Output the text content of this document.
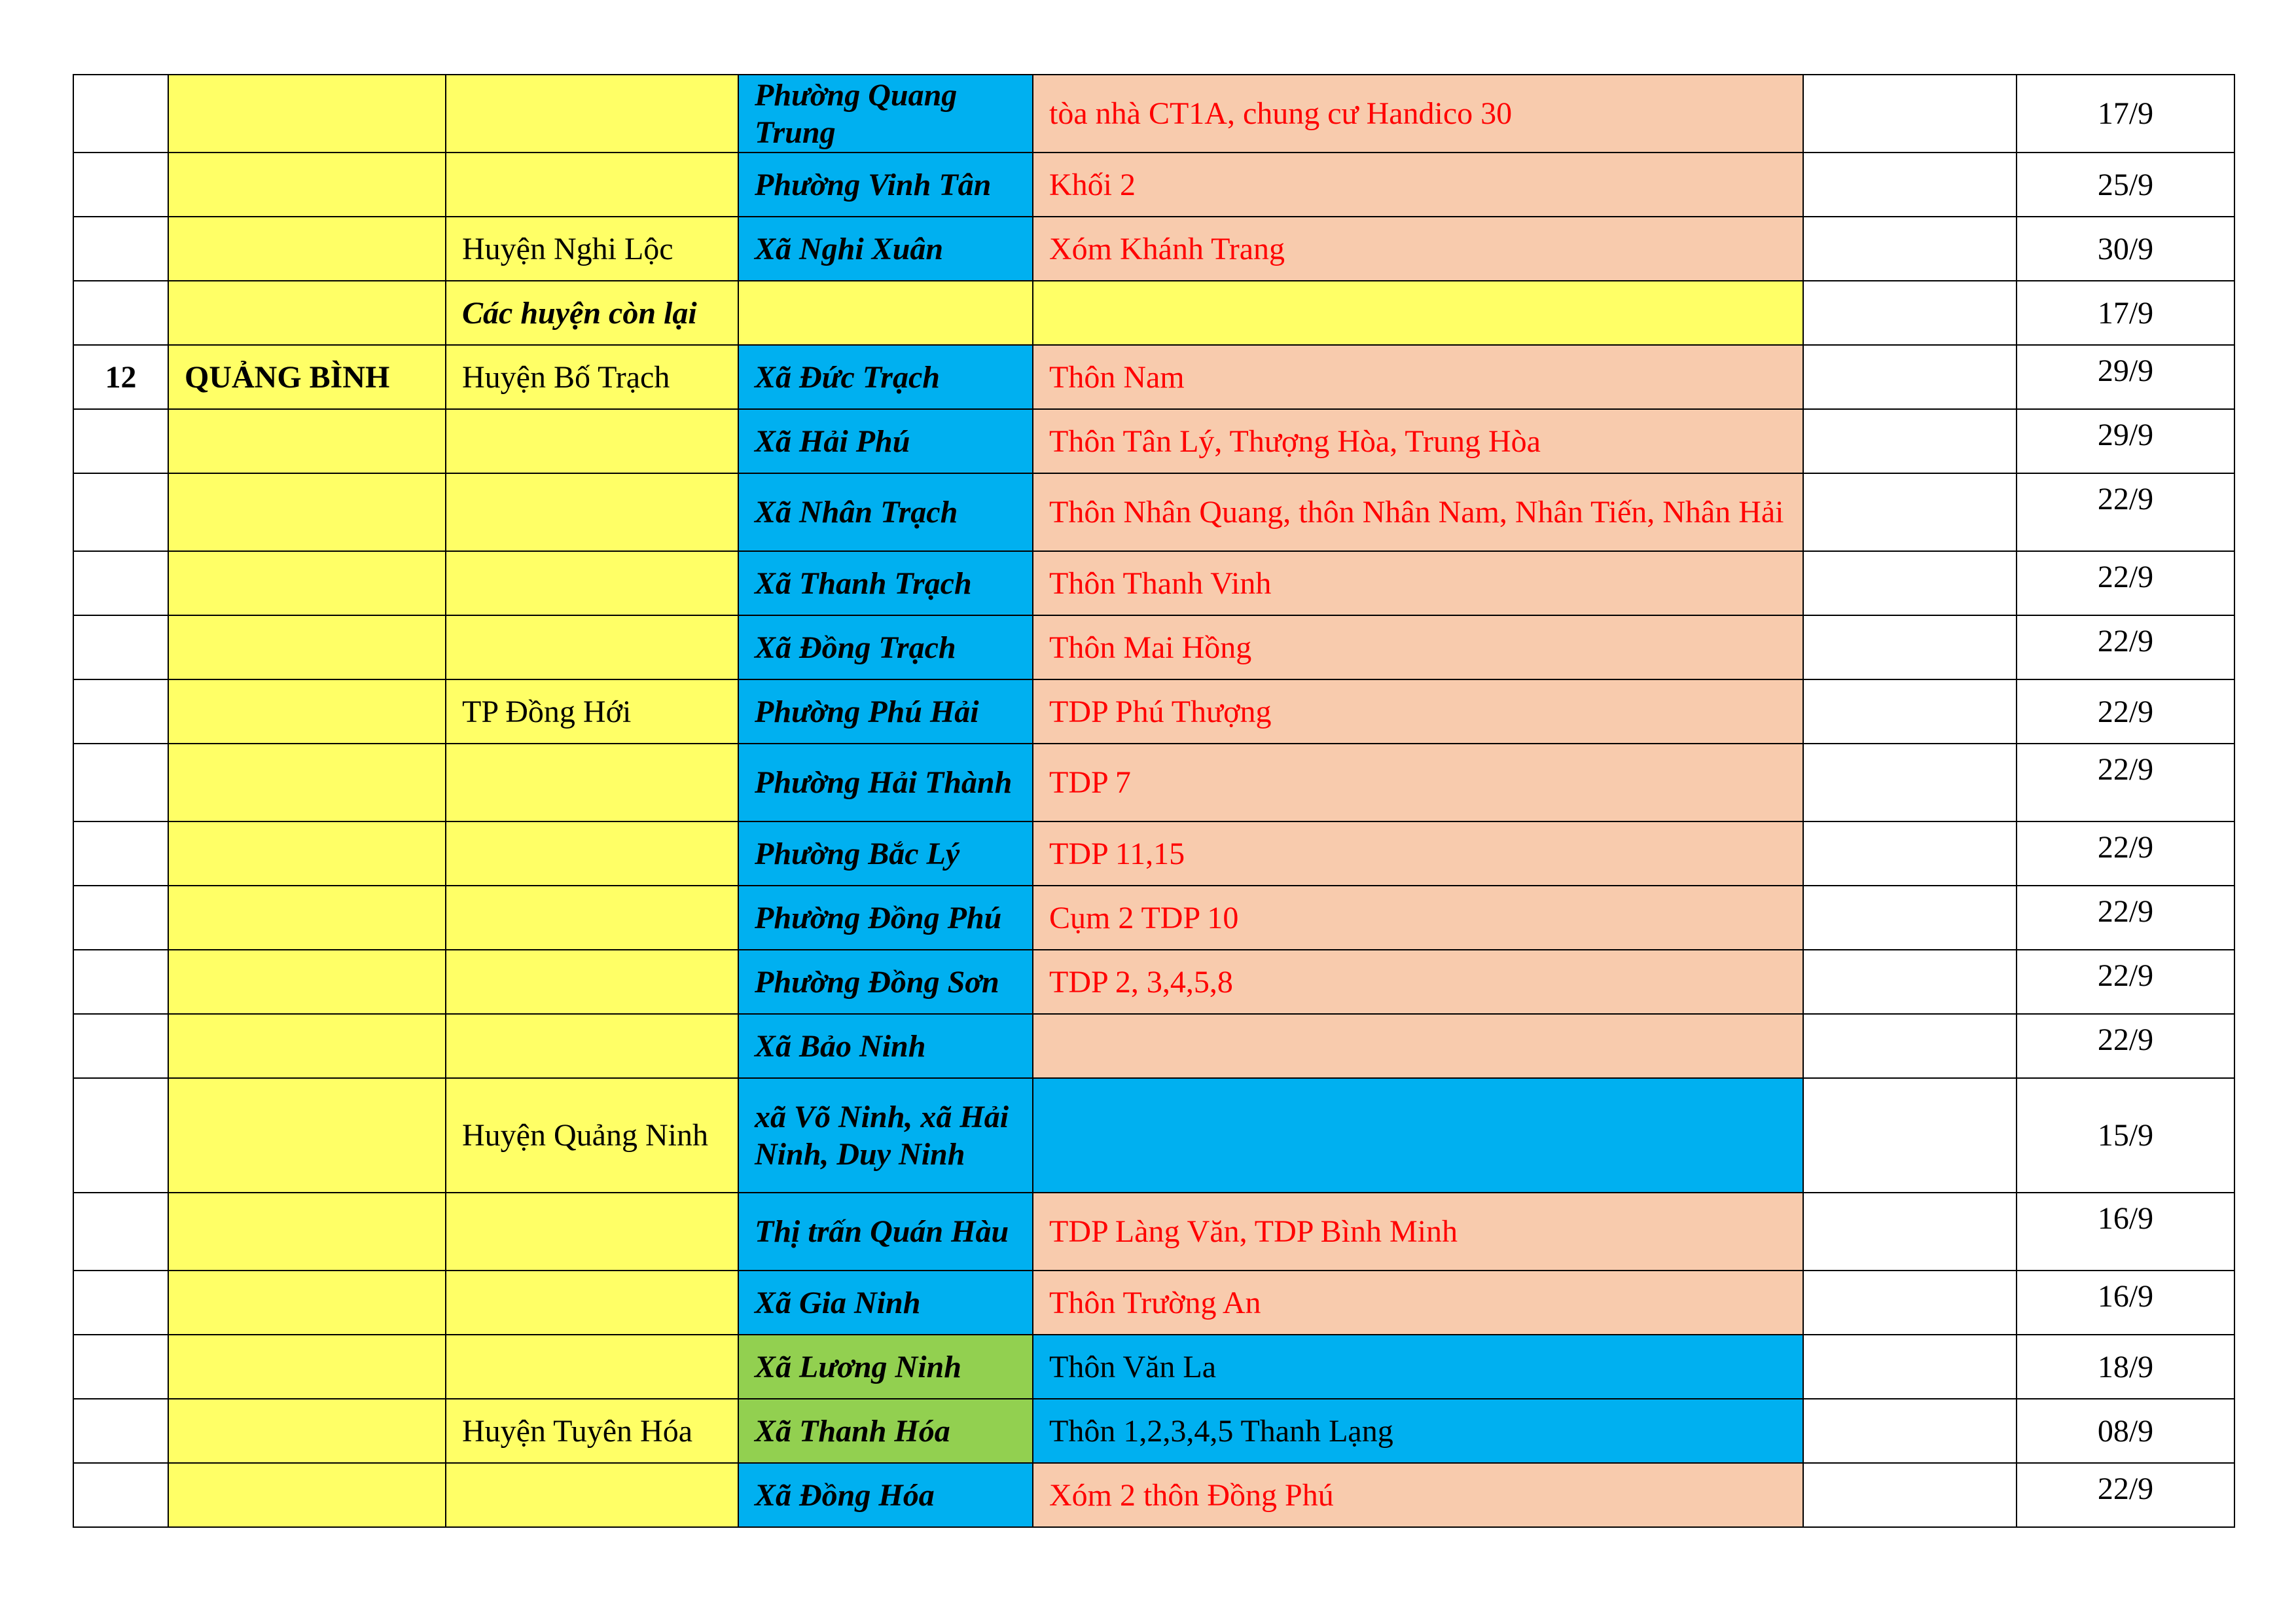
			Phường Quang Trung	tòa nhà CT1A, chung cư Handico 30		17/9
			Phường Vinh Tân	Khối 2		25/9
		Huyện Nghi Lộc	Xã Nghi Xuân	Xóm Khánh Trang		30/9
		Các huyện còn lại				17/9
12	QUẢNG BÌNH	Huyện Bố Trạch	Xã Đức Trạch	Thôn Nam		29/9
			Xã Hải Phú	Thôn Tân Lý, Thượng Hòa, Trung Hòa		29/9
			Xã Nhân Trạch	Thôn Nhân Quang, thôn Nhân Nam, Nhân Tiến, Nhân Hải		22/9
			Xã Thanh Trạch	Thôn Thanh Vinh		22/9
			Xã Đồng Trạch	Thôn Mai Hồng		22/9
		TP Đồng Hới	Phường Phú Hải	TDP Phú Thượng		22/9
			Phường Hải Thành	TDP 7		22/9
			Phường Bắc Lý	TDP 11,15		22/9
			Phường Đồng Phú	Cụm 2 TDP 10		22/9
			Phường Đồng Sơn	TDP 2, 3,4,5,8		22/9
			Xã Bảo Ninh			22/9
		Huyện Quảng Ninh	xã Võ Ninh, xã Hải Ninh, Duy Ninh			15/9
			Thị trấn Quán Hàu	TDP Làng Văn, TDP Bình Minh		16/9
			Xã Gia Ninh	Thôn Trường An		16/9
			Xã Lương Ninh	Thôn Văn La		18/9
		Huyện Tuyên Hóa	Xã Thanh Hóa	Thôn 1,2,3,4,5 Thanh Lạng		08/9
			Xã Đồng Hóa	Xóm 2 thôn Đồng Phú		22/9
